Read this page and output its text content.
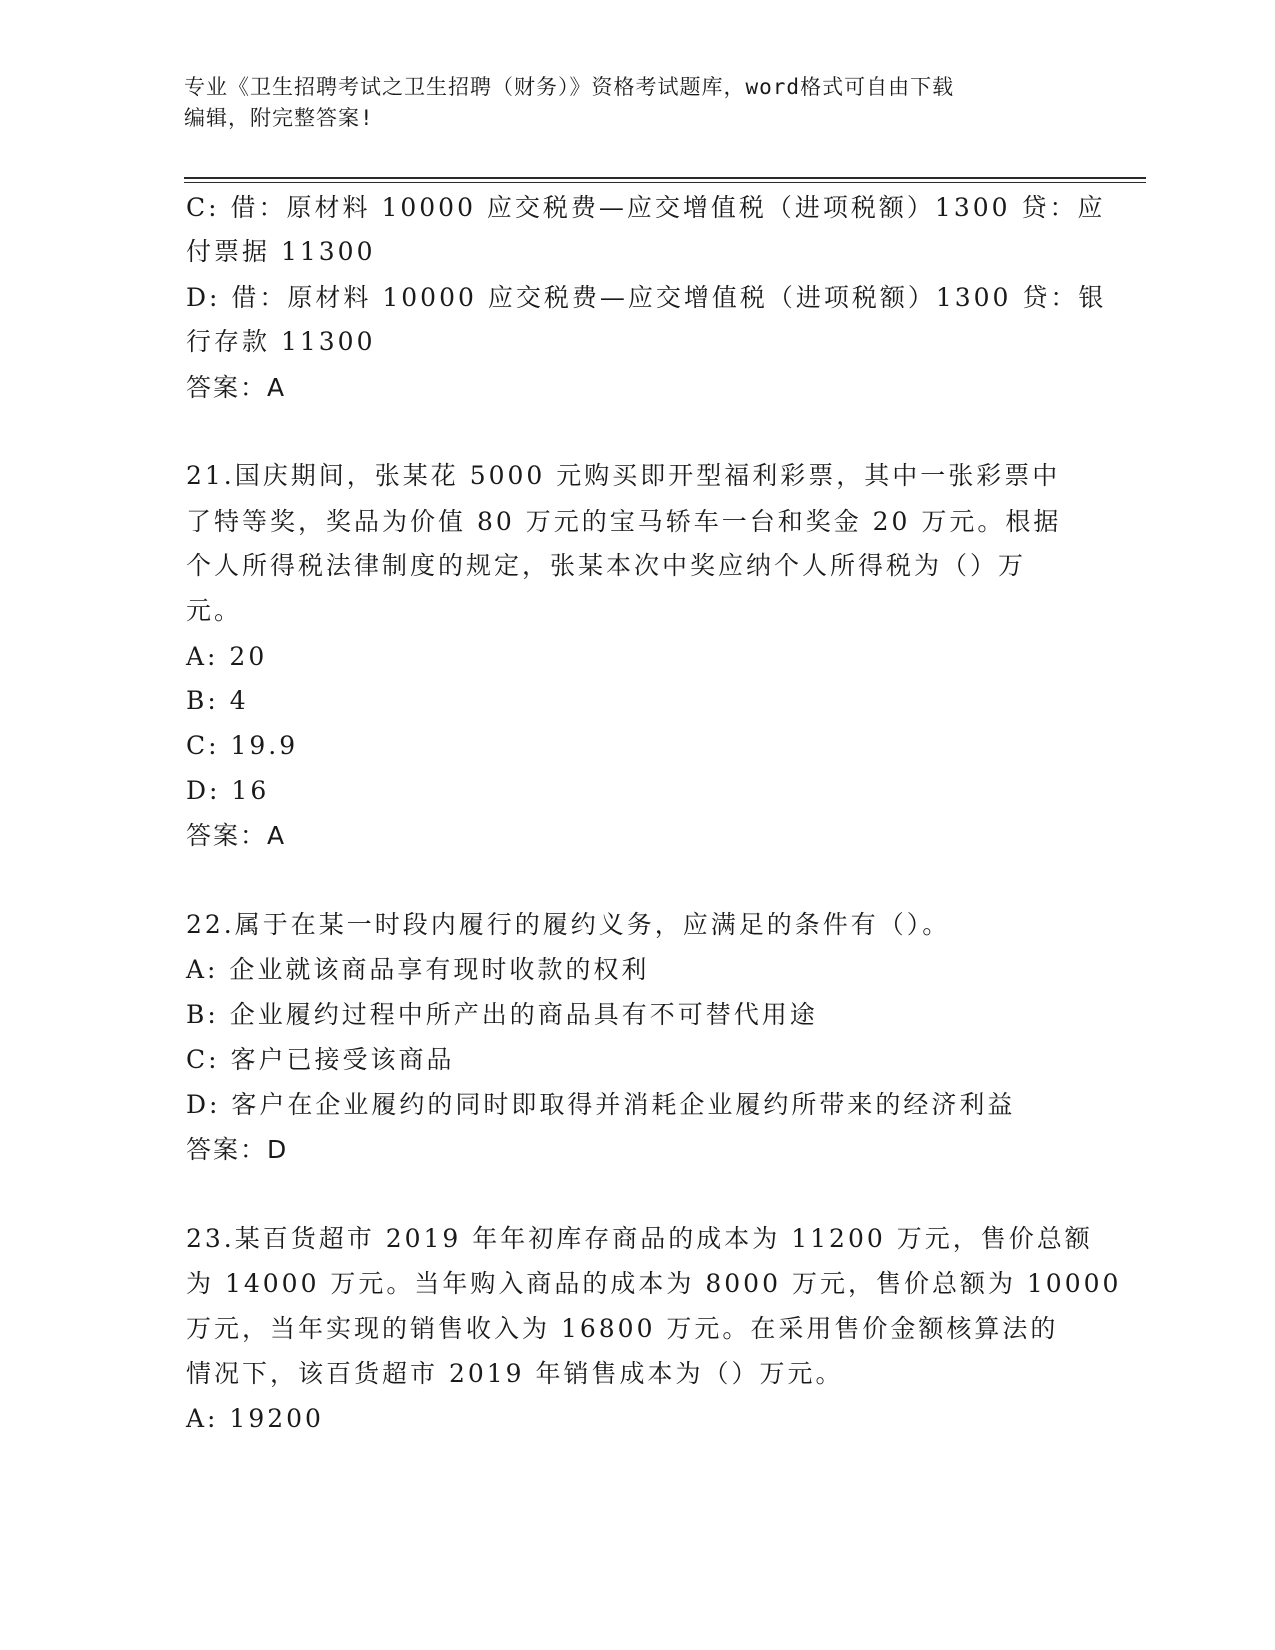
专业《卫生招聘考试之卫生招聘（财务）》资格考试题库，word格式可自由下载
编辑，附完整答案!
C: 借：原材料 10000 应交税费—应交增值税（进项税额）1300 贷：应
付票据 11300
D: 借：原材料 10000 应交税费—应交增值税（进项税额）1300 贷：银
行存款 11300
答案：A
21.国庆期间，张某花 5000 元购买即开型福利彩票，其中一张彩票中
了特等奖，奖品为价值 80 万元的宝马轿车一台和奖金 20 万元。根据
个人所得税法律制度的规定，张某本次中奖应纳个人所得税为（）万
元。
A: 20
B: 4
C: 19.9
D: 16
答案：A
22.属于在某一时段内履行的履约义务，应满足的条件有（）。
A: 企业就该商品享有现时收款的权利
B: 企业履约过程中所产出的商品具有不可替代用途
C: 客户已接受该商品
D: 客户在企业履约的同时即取得并消耗企业履约所带来的经济利益
答案：D
23.某百货超市 2019 年年初库存商品的成本为 11200 万元，售价总额
为 14000 万元。当年购入商品的成本为 8000 万元，售价总额为 10000
万元，当年实现的销售收入为 16800 万元。在采用售价金额核算法的
情况下，该百货超市 2019 年销售成本为（）万元。
A: 19200
